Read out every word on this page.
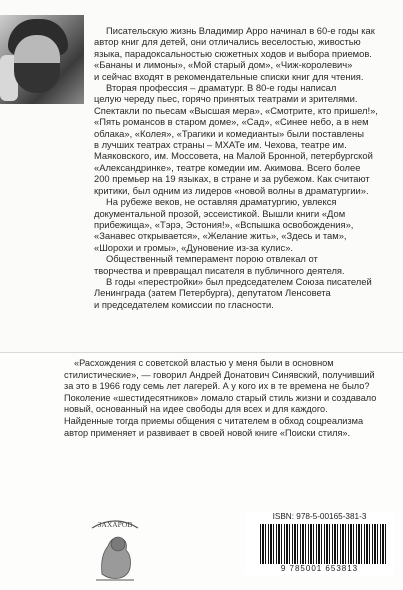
Писательскую жизнь Владимир Арро начинал в 60-е годы как
автор книг для детей, они отличались веселостью, живостью
языка, парадоксальностью сюжетных ходов и выбора приемов.
«Бананы и лимоны», «Мой старый дом», «Чиж-королевич»
и сейчас входят в рекомендательные списки книг для чтения.

Вторая профессия – драматург. В 80-е годы написал
целую череду пьес, горячо принятых театрами и зрителями.
Спектакли по пьесам «Высшая мера», «Смотрите, кто пришел!»,
«Пять романсов в старом доме», «Сад», «Синее небо, а в нем
облака», «Колея», «Трагики и комедианты» были поставлены
в лучших театрах страны – МХАТе им. Чехова, театре им.
Маяковского, им. Моссовета, на Малой Бронной, петербургской
«Александринке», театре комедии им. Акимова. Всего более
200 премьер на 19 языках, в стране и за рубежом. Как считают
критики, был одним из лидеров «новой волны в драматургии».

На рубеже веков, не оставляя драматургию, увлекся
документальной прозой, эссеистикой. Вышли книги «Дом
прибежища», «Тэрэ, Эстония!», «Вспышка освобождения»,
«Занавес открывается», «Желание жить», «Здесь и там»,
«Шорохи и громы», «Дуновение из-за кулис».

Общественный темперамент порою отвлекал от
творчества и превращал писателя в публичного деятеля.
В годы «перестройки» был председателем Союза писателей
Ленинграда (затем Петербурга), депутатом Ленсовета
и председателем комиссии по гласности.

«Расхождения с советской властью у меня были в основном
стилистические», — говорил Андрей Донатович Синявский, получивший
за это в 1966 году семь лет лагерей. А у кого их в те времена не было?
Поколение «шестидесятников» ломало старый стиль жизни и создавало
новый, основанный на идее свободы для всех и для каждого.
Найденные тогда приемы общения с читателем в обход соцреализма
автор применяет и развивает в своей новой книге «Поиски стиля».
ЗАХАРОВ
ISBN: 978-5-00165-381-3
9 785001 653813
